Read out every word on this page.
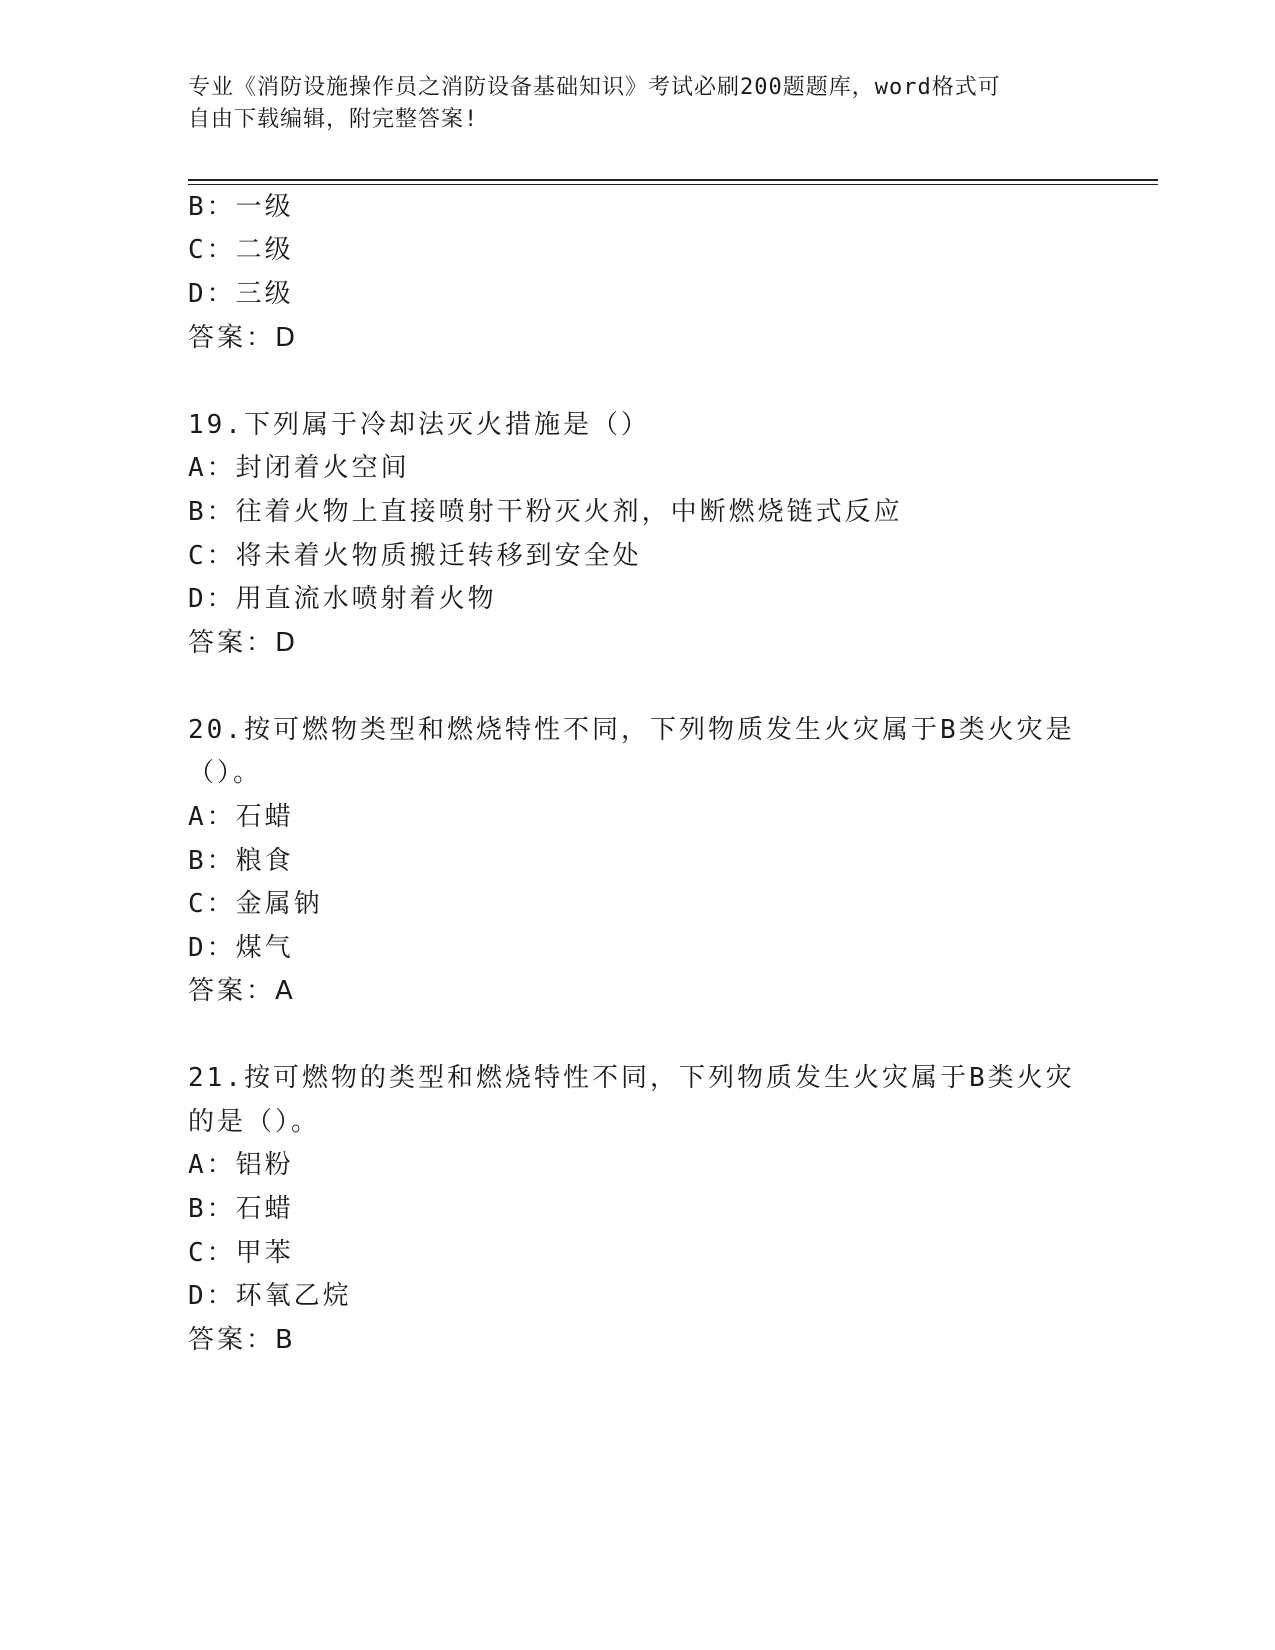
专业《消防设施操作员之消防设备基础知识》考试必刷200题题库，word格式可
自由下载编辑，附完整答案!
B：一级
C：二级
D：三级
答案：D
19.下列属于冷却法灭火措施是（）
A：封闭着火空间
B：往着火物上直接喷射干粉灭火剂，中断燃烧链式反应
C：将未着火物质搬迁转移到安全处
D：用直流水喷射着火物
答案：D
20.按可燃物类型和燃烧特性不同，下列物质发生火灾属于B类火灾是
（）。
A：石蜡
B：粮食
C：金属钠
D：煤气
答案：A
21.按可燃物的类型和燃烧特性不同，下列物质发生火灾属于B类火灾
的是（）。
A：铝粉
B：石蜡
C：甲苯
D：环氧乙烷
答案：B
